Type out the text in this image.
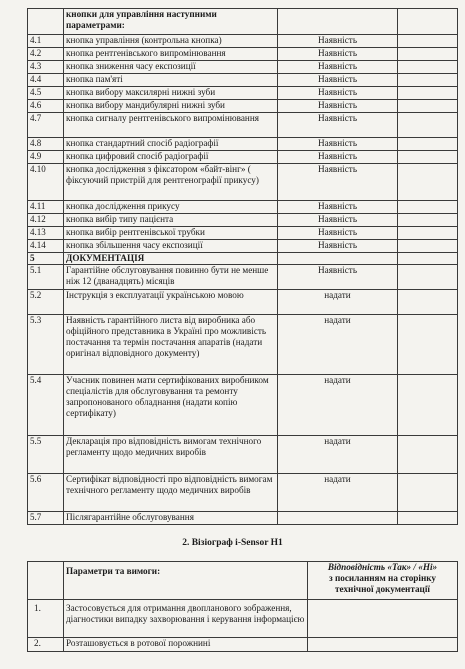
	кнопки для управління наступними параметрами:		
4.1	кнопка управління (контрольна кнопка)	Наявність	
4.2	кнопка рентгенівського випромінювання	Наявність	
4.3	кнопка зниження часу експозиції	Наявність	
4.4	кнопка пам'яті	Наявність	
4.5	кнопка вибору максилярні нижні зуби	Наявність	
4.6	кнопка вибору мандибулярні нижні зуби	Наявність	
4.7	кнопка сигналу рентгенівського випромінювання	Наявність	
4.8	кнопка стандартний спосіб радіографії	Наявність	
4.9	кнопка цифровий спосіб радіографії	Наявність	
4.10	кнопка дослідження з фіксатором «байт-вінг» ( фіксуючий пристрій для рентгенографії прикусу)	Наявність	
4.11	кнопка дослідження прикусу	Наявність	
4.12	кнопка вибір типу пацієнта	Наявність	
4.13	кнопка вибір рентгенівської трубки	Наявність	
4.14	кнопка збільшення часу експозиції	Наявність	
5	ДОКУМЕНТАЦІЯ		
5.1	Гарантійне обслуговування повинно бути не менше ніж 12 (дванадцять) місяців	Наявність	
5.2	Інструкція з експлуатації українською мовою	надати	
5.3	Наявність гарантійного листа від виробника або офіційного представника в Україні про можливість постачання та термін постачання апаратів (надати оригінал відповідного документу)	надати	
5.4	Учасник повинен мати сертифікованих виробником спеціалістів для обслуговування та ремонту запропонованого обладнання (надати копію сертифікату)	надати	
5.5	Декларація про відповідність вимогам технічного регламенту щодо медичних виробів	надати	
5.6	Сертифікат відповідності про відповідність вимогам технічного регламенту щодо медичних виробів	надати	
5.7	Післягарантійне обслуговування		
2. Візіограф i-Sensor H1
	Параметри та вимоги:	Відповідність «Так» / «Ні»
з посиланням на сторінку технічної документації

1.	Застосовується для отримання двопланового зображення, діагностики випадку захворювання і керування інформацією	
2.	Розташовується в ротової порожнині	
